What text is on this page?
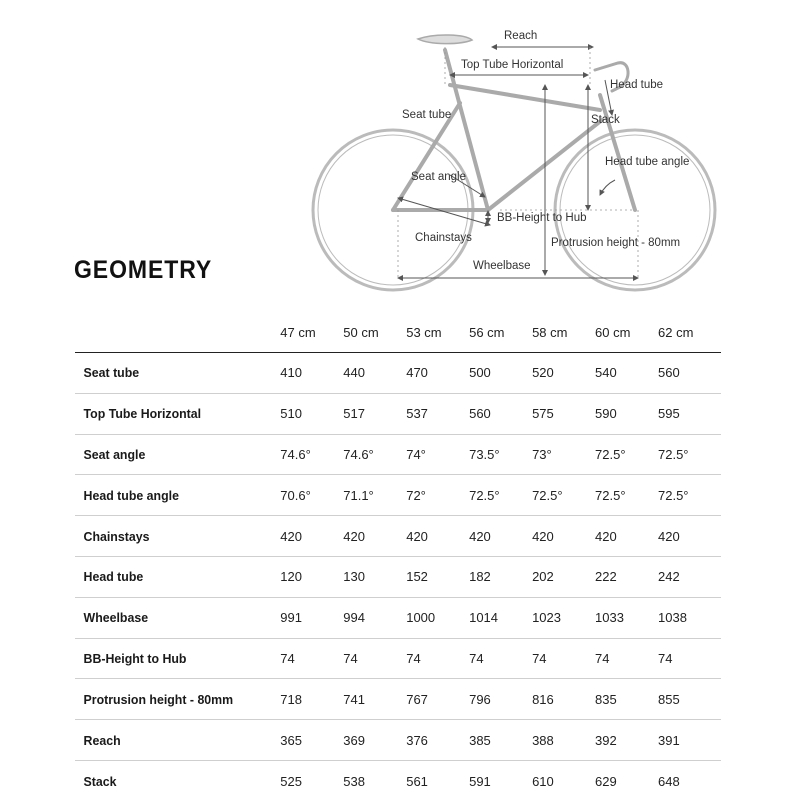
Reach
Top Tube Horizontal
Head tube
Seat tube	Stack
Head tube angle
Seat angle
BB-Height to Hub
Chainstays	Protrusion height - 80mm
Wheelbase
GEOMETRY
	47 cm	50 cm	53 cm	56 cm	58 cm	60 cm	62 cm
Seat tube	410	440	470	500	520	540	560
Top Tube Horizontal	510	517	537	560	575	590	595
Seat angle	74.6°	74.6°	74°	73.5°	73°	72.5°	72.5°
Head tube angle	70.6°	71.1°	72°	72.5°	72.5°	72.5°	72.5°
Chainstays	420	420	420	420	420	420	420
Head tube	120	130	152	182	202	222	242
Wheelbase	991	994	1000	1014	1023	1033	1038
BB-Height to Hub	74	74	74	74	74	74	74
Protrusion height - 80mm	718	741	767	796	816	835	855
Reach	365	369	376	385	388	392	391
Stack	525	538	561	591	610	629	648
